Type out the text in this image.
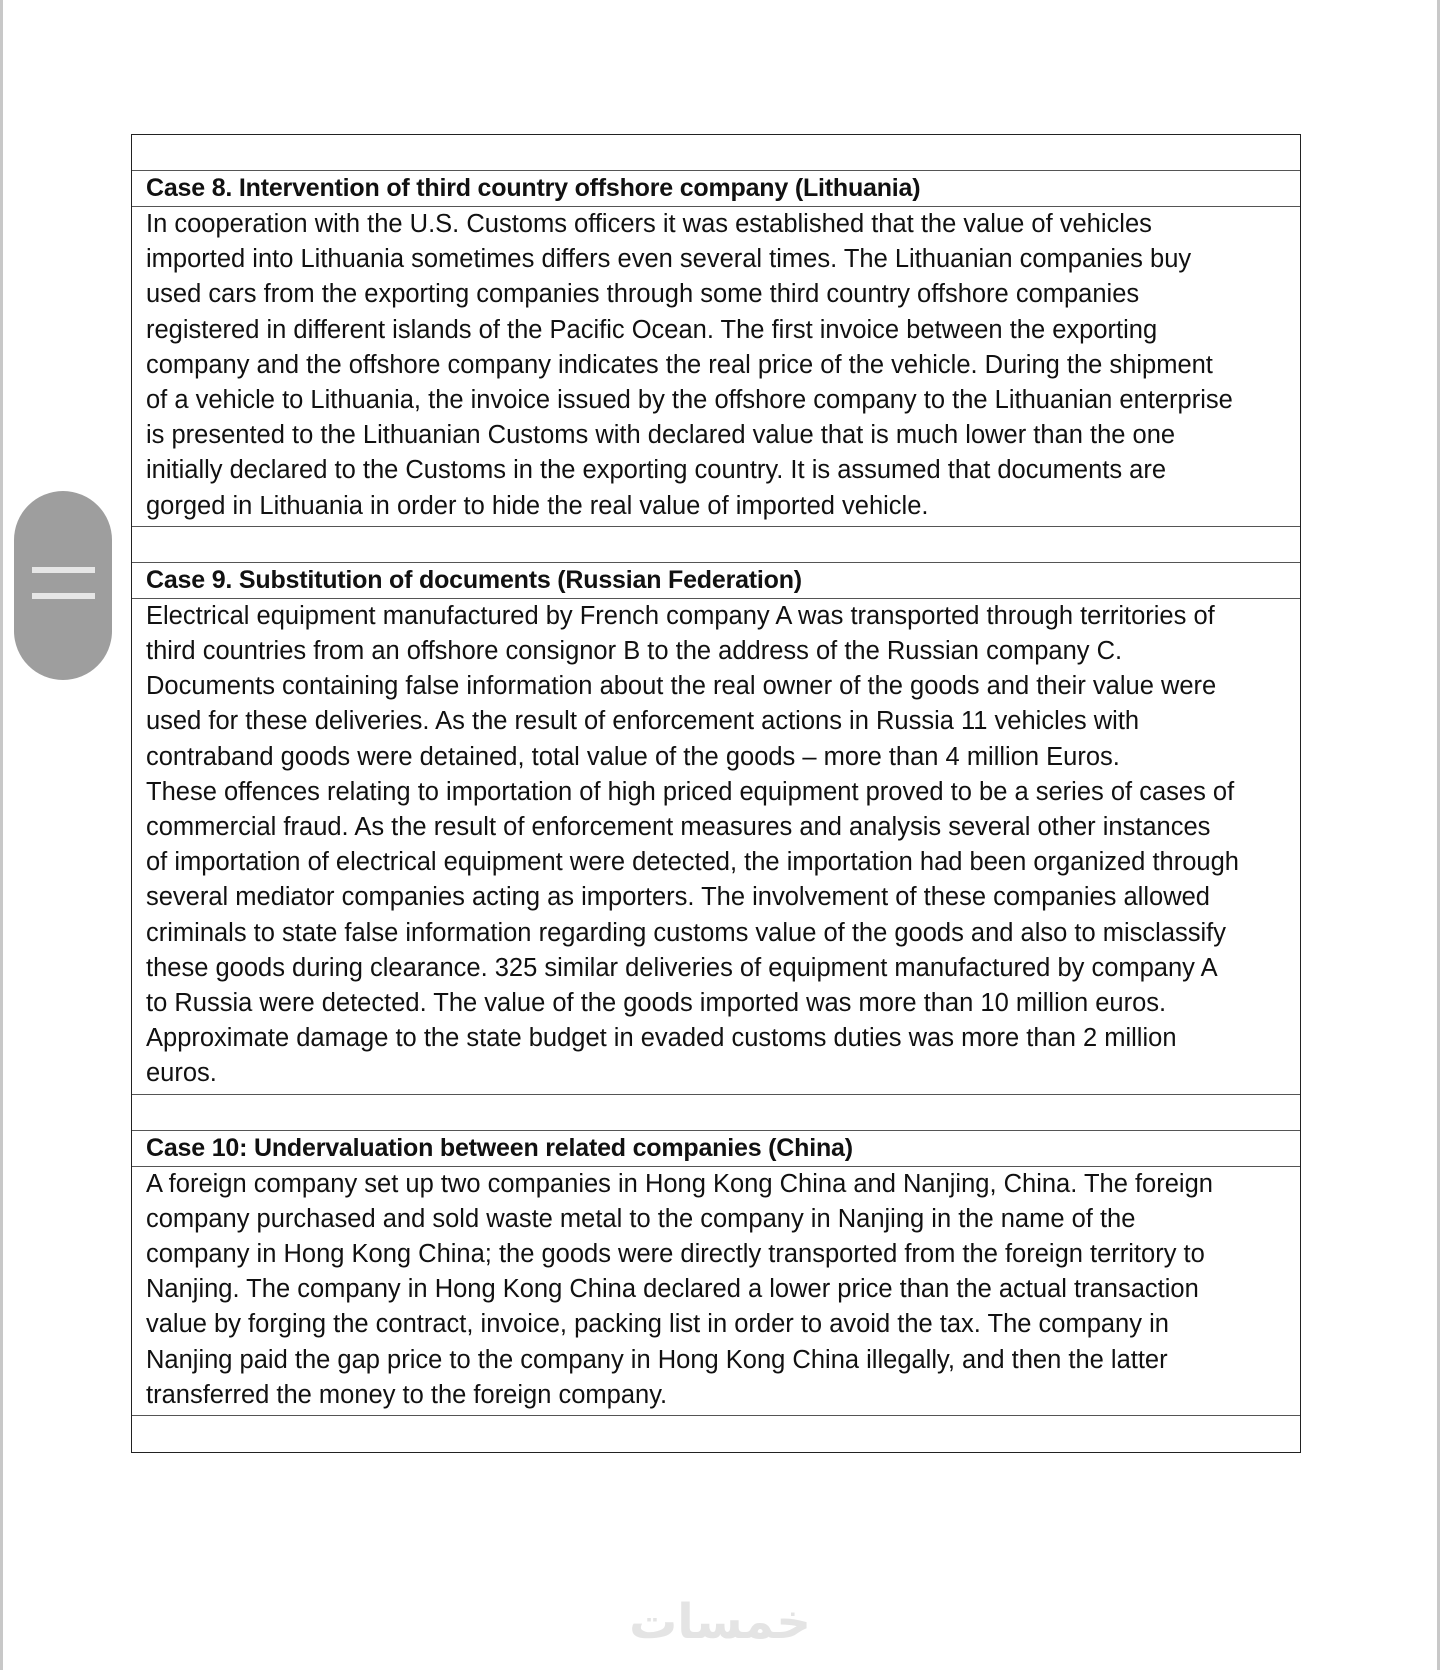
Case 8. Intervention of third country offshore company (Lithuania)

In cooperation with the U.S. Customs officers it was established that the value of vehicles

imported into Lithuania sometimes differs even several times. The Lithuanian companies buy

used cars from the exporting companies through some third country offshore companies

registered in different islands of the Pacific Ocean. The first invoice between the exporting

company and the offshore company indicates the real price of the vehicle. During the shipment

of a vehicle to Lithuania, the invoice issued by the offshore company to the Lithuanian enterprise

is presented to the Lithuanian Customs with declared value that is much lower than the one

initially declared to the Customs in the exporting country. It is assumed that documents are

gorged in Lithuania in order to hide the real value of imported vehicle.

Case 9. Substitution of documents (Russian Federation)

Electrical equipment manufactured by French company A was transported through territories of

third countries from an offshore consignor B to the address of the Russian company C.

Documents containing false information about the real owner of the goods and their value were

used for these deliveries. As the result of enforcement actions in Russia 11 vehicles with

contraband goods were detained, total value of the goods – more than 4 million Euros.

These offences relating to importation of high priced equipment proved to be a series of cases of

commercial fraud. As the result of enforcement measures and analysis several other instances

of importation of electrical equipment were detected, the importation had been organized through

several mediator companies acting as importers. The involvement of these companies allowed

criminals to state false information regarding customs value of the goods and also to misclassify

these goods during clearance. 325 similar deliveries of equipment manufactured by company A

to Russia were detected. The value of the goods imported was more than 10 million euros.

Approximate damage to the state budget in evaded customs duties was more than 2 million

euros.

Case 10: Undervaluation between related companies (China)

A foreign company set up two companies in Hong Kong China and Nanjing, China. The foreign

company purchased and sold waste metal to the company in Nanjing in the name of the

company in Hong Kong China; the goods were directly transported from the foreign territory to

Nanjing. The company in Hong Kong China declared a lower price than the actual transaction

value by forging the contract, invoice, packing list in order to avoid the tax. The company in

Nanjing paid the gap price to the company in Hong Kong China illegally, and then the latter

transferred the money to the foreign company.

خمسات
